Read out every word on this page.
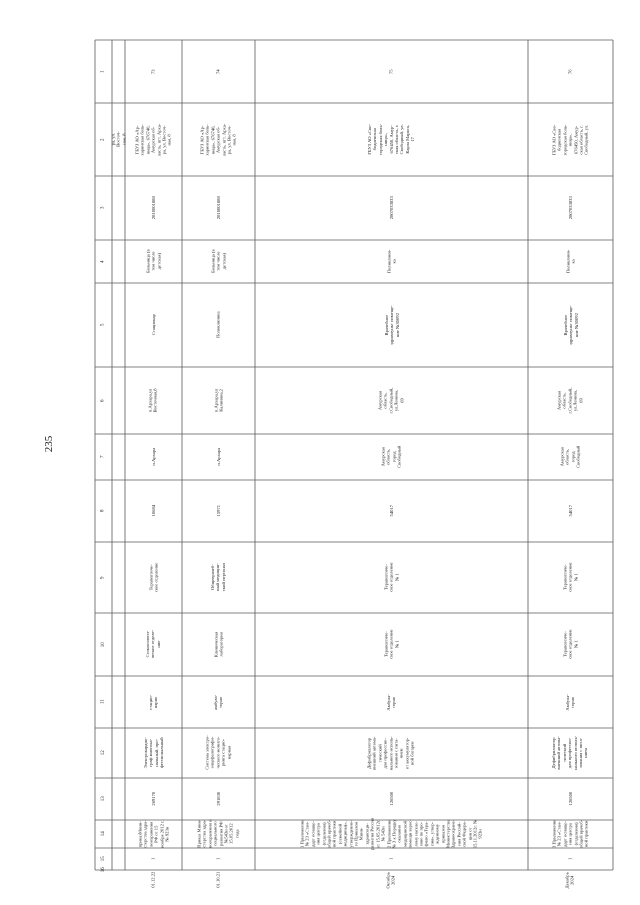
235
1
2
3
4
5
6
7
8
9
10
11
12
13
14
15
16
ра, ул. Восточ-
ная, 8
73
ГБУЗ АО «Ар-
харинская боль-
ница», 676740,
Амурская об-
ласть, пгт. Арха-
ра, ул. Восточ-
ная, 8
2810001888
Больница (в
том числе
детская)
Стационар
п.Архара,ул
Восточная,8
п.Архара
10684
Терапевтиче-
ское отделение
Стоматологи-
ческое отделе-
ние
стацио-
нарно
Электрокардио-
граф многока-
нальный, про-
фессиональный
269170
приказМини-
стерства здра-
воохранения
РФ от 15
ноября 2012 г.
№ 923н
1
01.12.22
74
ГБУЗ АО «Ар-
харинская боль-
ница», 676740,
Амурская об-
ласть, пгт. Арха-
ра, ул. Восточ-
ная, 8
2810001888
Больница (в
том числе
детская)
Поликлиника
п.Архара,ул
Калинина,2
п.Архара
15971
Общеврачеб-
ный медицин-
ский персонал
Клиническая
лаборатория
амбула-
торно
Система электро-
энцефалографи-
ческого монито-
ринга стацио-
нарная
291830
Приказ Мини-
стерства здра-
воохранения и
социального
развития РФ
№543н от
15.05.2012
года
1
01.10.21
75
ГБУЗ АО «Сво-
бодненская
городская боль-
ница»,
676450, Амур-
ская область, г.
Свободный, ул.
Карла Маркса,
17
2807033833
Поликлини-
ка
Врачебное
здравпункт помеще-
ние №30092
Амурская
область,
г.Свободный,
ул.Ленина,
69
Амурская
область,
город
Свободный
54017
Терапевтиче-
ское отделение
№ 1
Терапевтиче-
ское отделение
№ 1
Амбула-
торно
Дефибриллятор
внешний автома-
тический
для профессио-
нального исполь-
зования с пита-
нием
от аккумулятор-
ной батареи
126500
1 Приложение
№ 23 «Стан-
дарт оснаще-
ния центра
(отделения)
общей врачеб-
ной практики
(семейной
медицины)»,
утвержденно-
го Приказом
Мини-
здравсоци-
развития России
от 15.05.2012г.
№ 543н
2 Приложение
№ 3 к Порядку
оказания
медицинской
помощи взрос-
лому населе-
нию по про-
филю «Тера-
пия», утвер-
жденному
приказом
Министерства
Здравоохране-
ния Россий-
ской Федера-
ции от
15.11.2012г. №
923н
1
Октябрь
2024
76
ГБУЗ АО «Сво-
бодненская
городская боль-
ница»,
676450, Амур-
ская область, г.
Свободный, ул.
2807033833
Поликлини-
ка
Врачебное
здравпункт помеще-
ние №30092
Амурская
область,
г.Свободный,
ул.Ленина,
69
Амурская
область,
город
Свободный
54017
Терапевтиче-
ское отделение
№ 1
Терапевтиче-
ское отделение
№ 1
Амбула-
торно
Дефибриллятор
внешний автома-
тический
для профессио-
нального исполь-
зования с пита-
нием
126500
3 Приложение
№ 23 «Стан-
дарт оснаще-
ния центра
(отделения)
общей врачеб-
ной практики
1
Декабрь
2024
